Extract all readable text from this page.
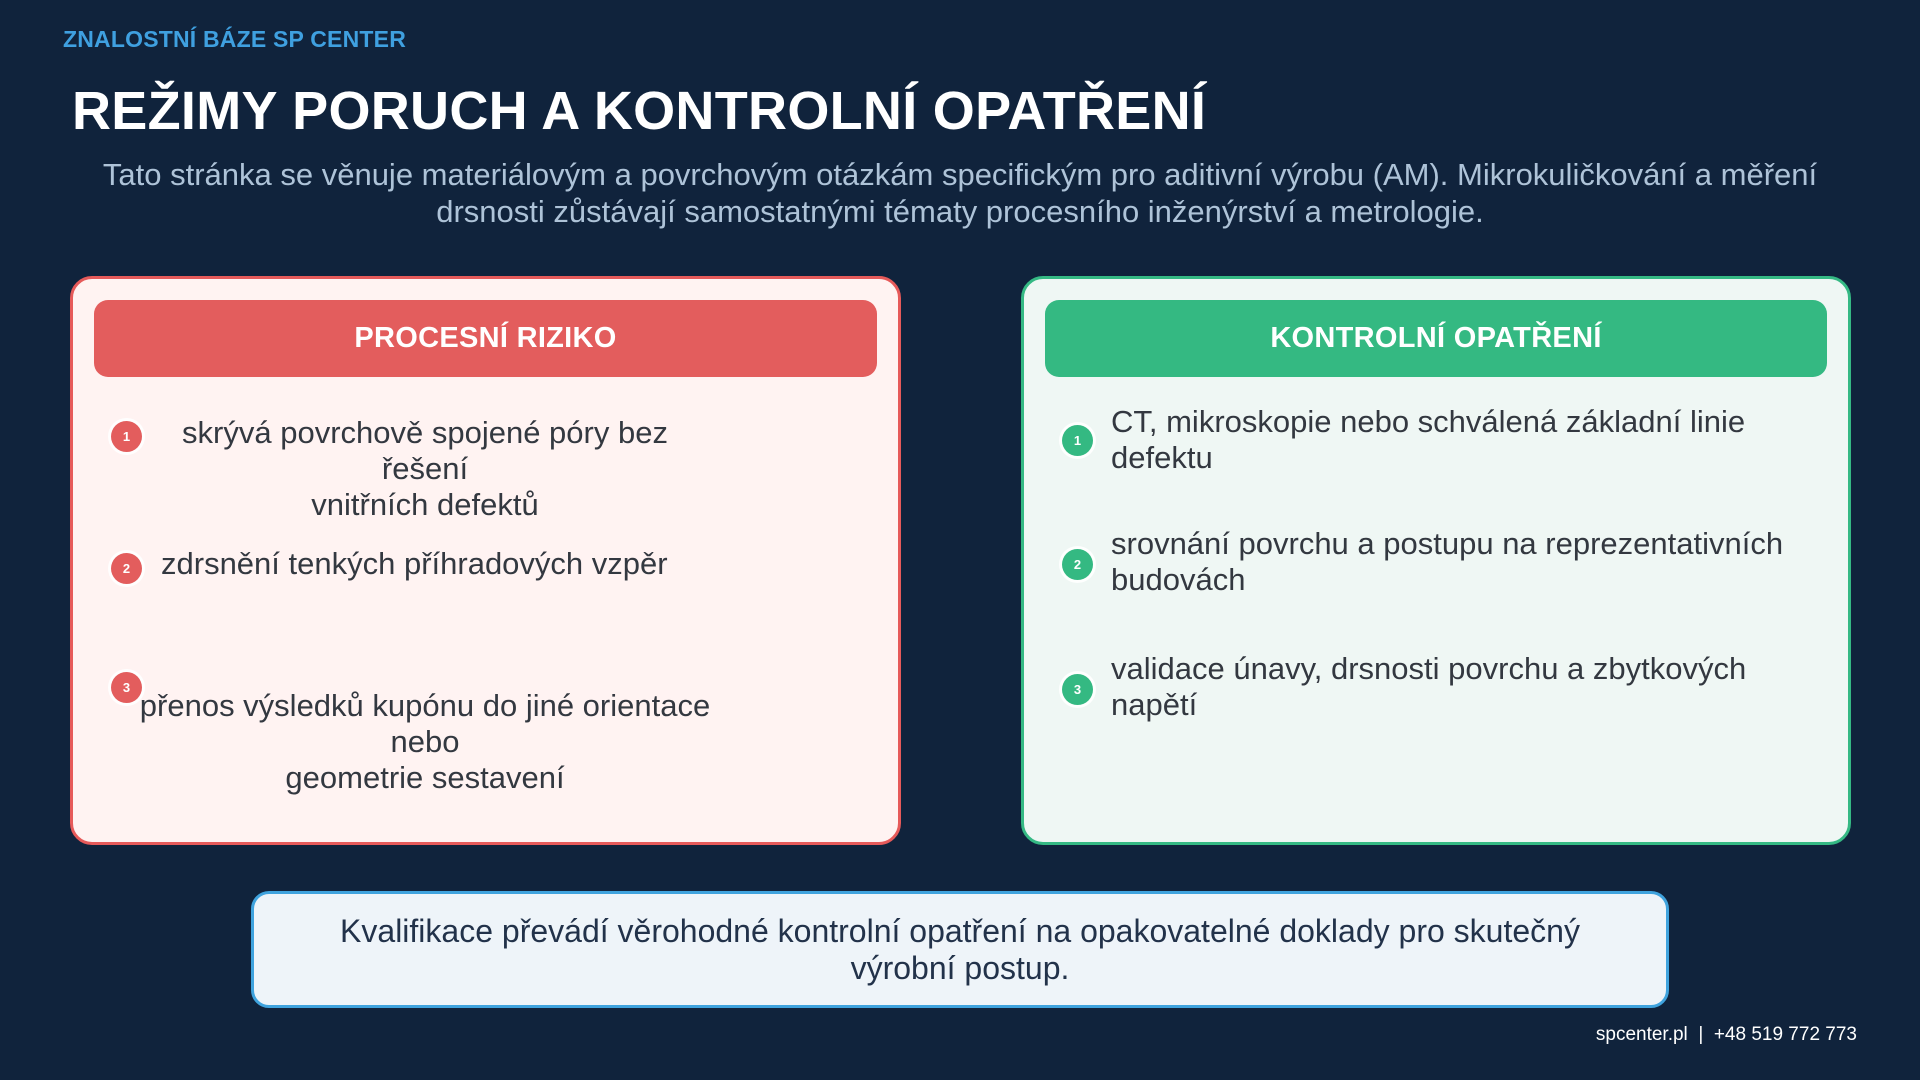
ZNALOSTNÍ BÁZE SP CENTER
REŽIMY PORUCH A KONTROLNÍ OPATŘENÍ
Tato stránka se věnuje materiálovým a povrchovým otázkám specifickým pro aditivní výrobu (AM). Mikrokuličkování a měření
drsnosti zůstávají samostatnými tématy procesního inženýrství a metrologie.
PROCESNÍ RIZIKO
1	skrývá povrchově spojené póry bez řešení
vnitřních defektů
2 zdrsnění tenkých příhradových vzpěr
3
přenos výsledků kupónu do jiné orientace nebo
geometrie sestavení
KONTROLNÍ OPATŘENÍ
1
CT, mikroskopie nebo schválená základní linie
defektu
2
srovnání povrchu a postupu na reprezentativních
budovách
3
validace únavy, drsnosti povrchu a zbytkových
napětí
Kvalifikace převádí věrohodné kontrolní opatření na opakovatelné doklady pro skutečný
výrobní postup.
spcenter.pl  |  +48 519 772 773
